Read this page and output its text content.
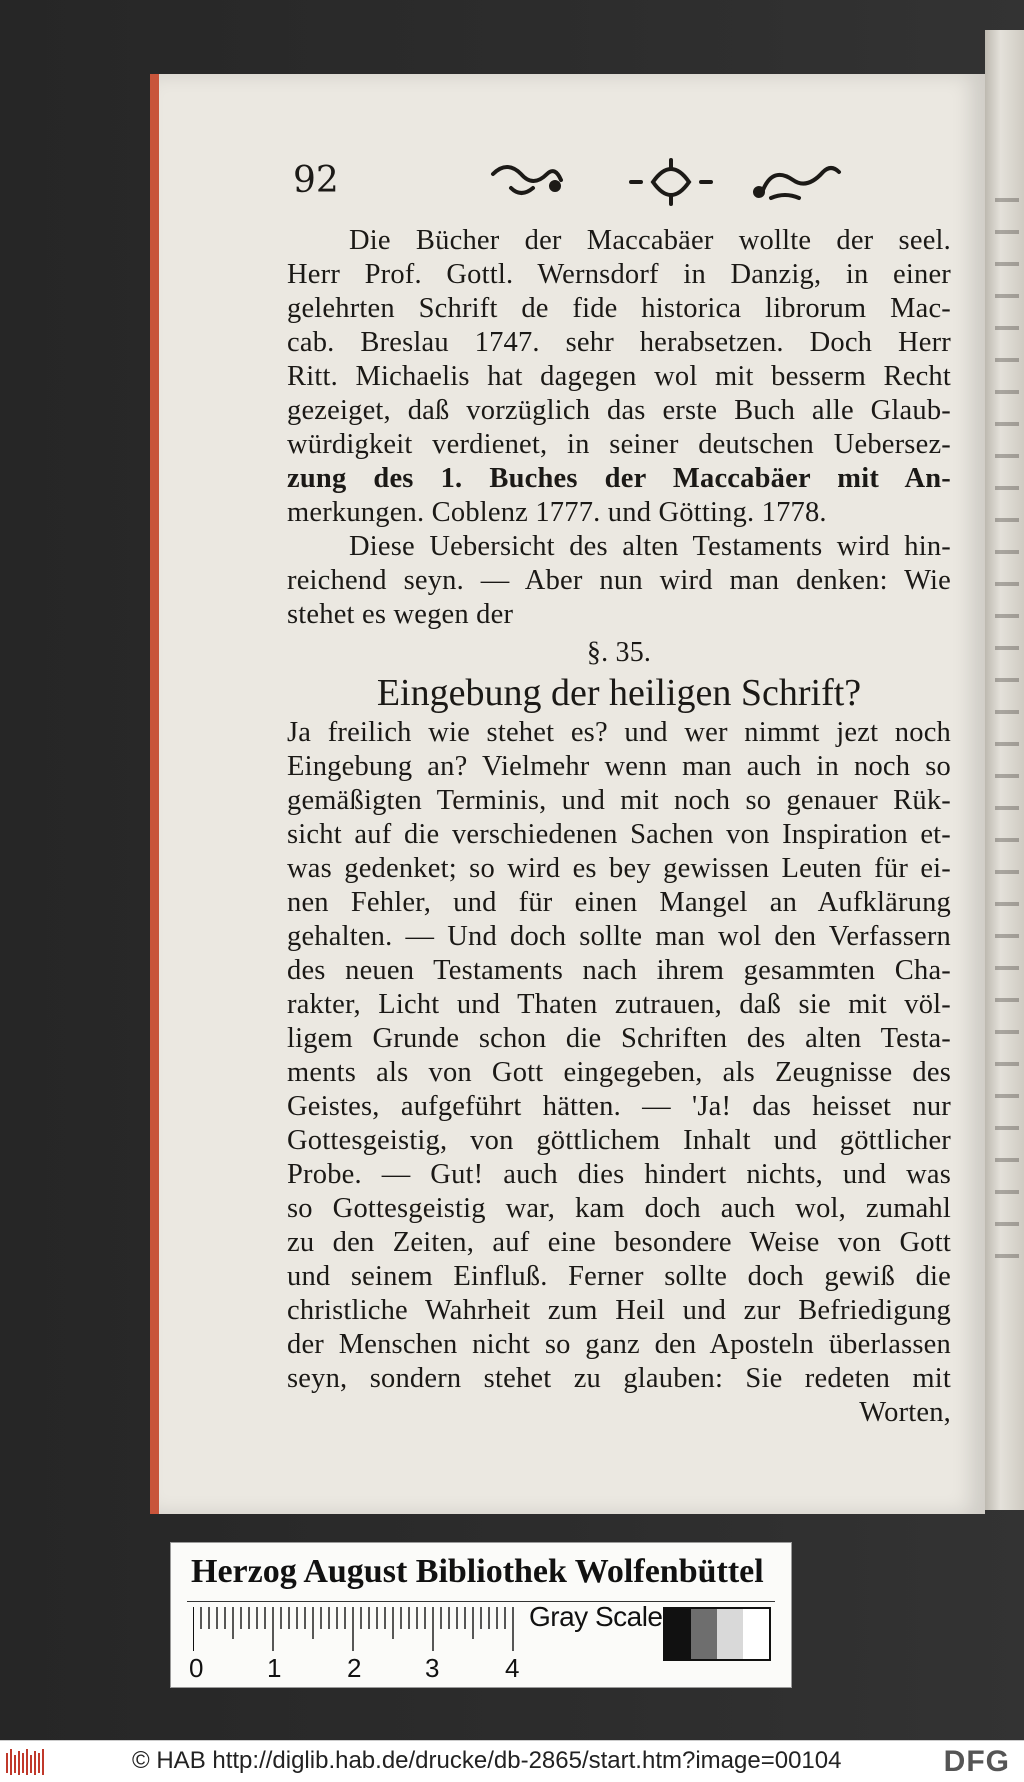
92
Die Bücher der Maccabäer wollte der seel.
Herr Prof. Gottl. Wernsdorf in Danzig, in einer
gelehrten Schrift de fide historica librorum Mac-
cab. Breslau 1747. sehr herabsetzen. Doch Herr
Ritt. Michaelis hat dagegen wol mit besserm Recht
gezeiget, daß vorzüglich das erste Buch alle Glaub-
würdigkeit verdienet, in seiner deutschen Uebersez-
zung des 1. Buches der Maccabäer mit An-
merkungen. Coblenz 1777. und Götting. 1778.
Diese Uebersicht des alten Testaments wird hin-
reichend seyn. — Aber nun wird man denken: Wie
stehet es wegen der
§. 35.
Eingebung der heiligen Schrift?
Ja freilich wie stehet es? und wer nimmt jezt noch
Eingebung an? Vielmehr wenn man auch in noch so
gemäßigten Terminis, und mit noch so genauer Rük-
sicht auf die verschiedenen Sachen von Inspiration et-
was gedenket; so wird es bey gewissen Leuten für ei-
nen Fehler, und für einen Mangel an Aufklärung
gehalten. — Und doch sollte man wol den Verfassern
des neuen Testaments nach ihrem gesammten Cha-
rakter, Licht und Thaten zutrauen, daß sie mit völ-
ligem Grunde schon die Schriften des alten Testa-
ments als von Gott eingegeben, als Zeugnisse des
Geistes, aufgeführt hätten. — 'Ja! das heisset nur
Gottesgeistig, von göttlichem Inhalt und göttlicher
Probe. — Gut! auch dies hindert nichts, und was
so Gottesgeistig war, kam doch auch wol, zumahl
zu den Zeiten, auf eine besondere Weise von Gott
und seinem Einfluß. Ferner sollte doch gewiß die
christliche Wahrheit zum Heil und zur Befriedigung
der Menschen nicht so ganz den Aposteln überlassen
seyn, sondern stehet zu glauben: Sie redeten mit
Worten,
Herzog August Bibliothek Wolfenbüttel
0 1	2 3	4
Gray Scale
© HAB http://diglib.hab.de/drucke/db-2865/start.htm?image=00104	DFG
